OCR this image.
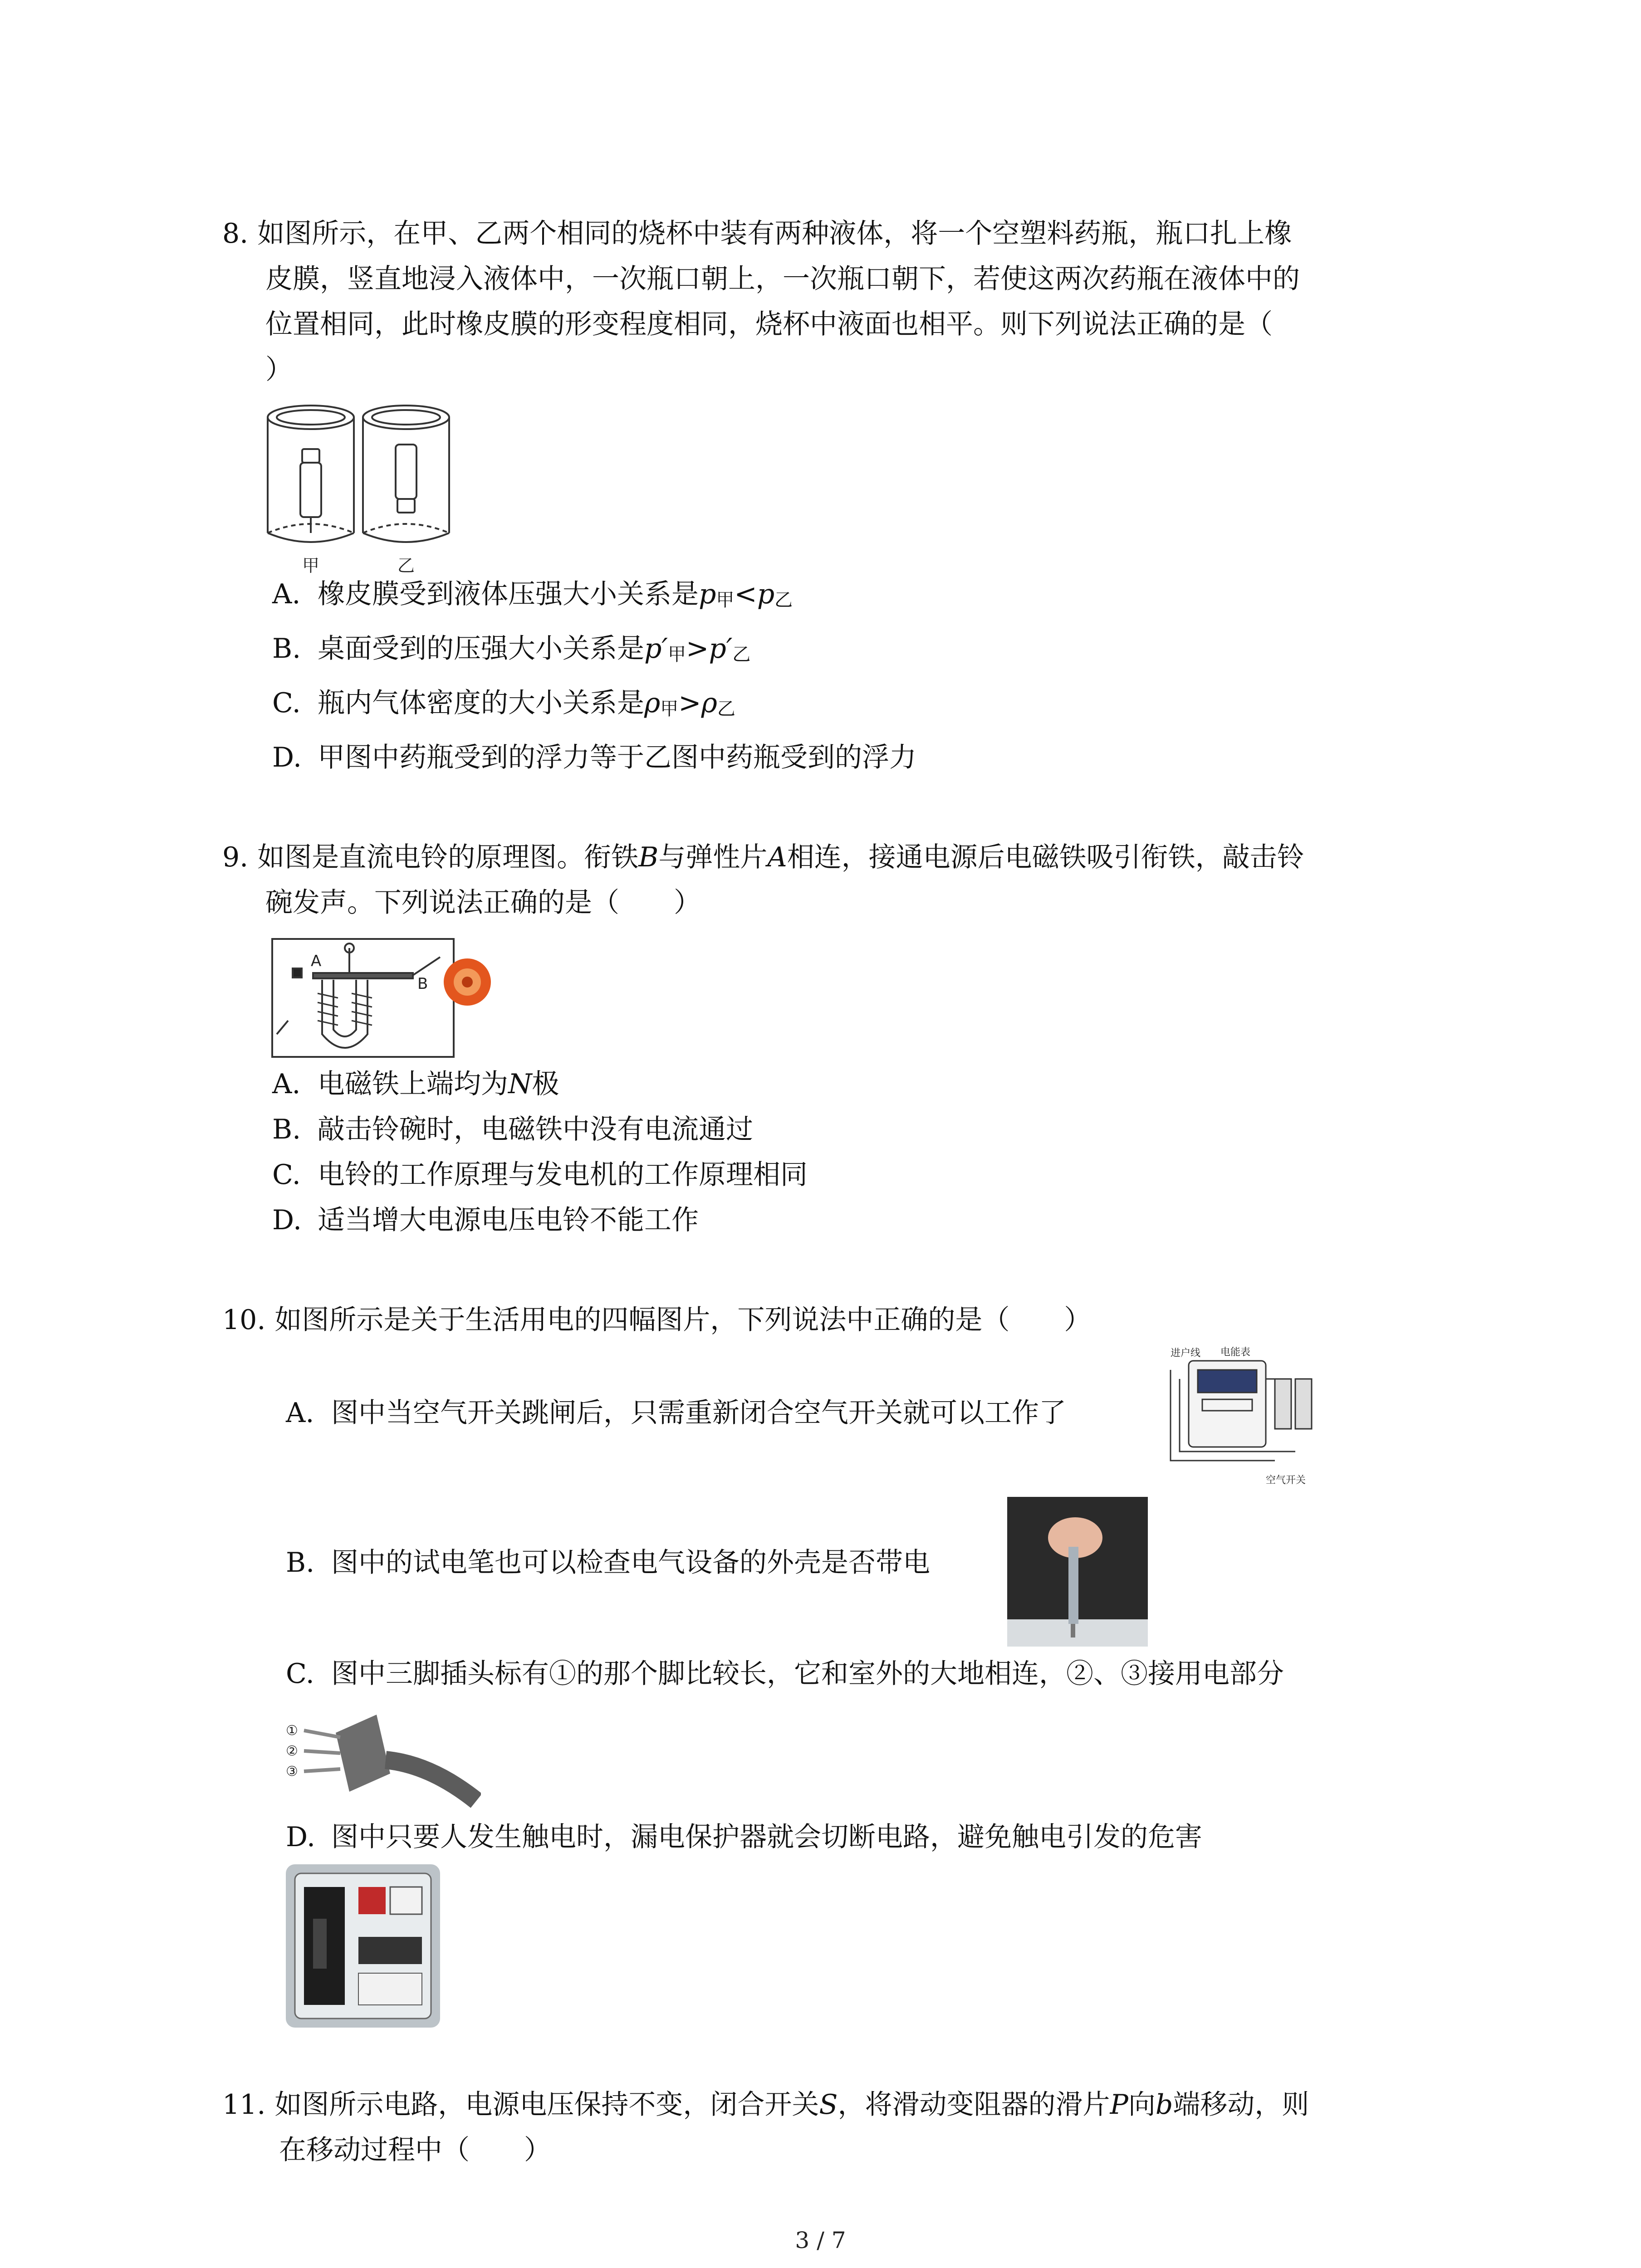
8. 如图所示，在甲、乙两个相同的烧杯中装有两种液体，将一个空塑料药瓶，瓶口扎上橡
皮膜，竖直地浸入液体中，一次瓶口朝上，一次瓶口朝下，若使这两次药瓶在液体中的
位置相同，此时橡皮膜的形变程度相同，烧杯中液面也相平。则下列说法正确的是（
）
甲	乙
A. 橡皮膜受到液体压强大小关系是$p_甲<p_乙$
B. 桌面受到的压强大小关系是$p'_甲>p'_乙$
C. 瓶内气体密度的大小关系是$\rho_甲>\rho_乙$
D. 甲图中药瓶受到的浮力等于乙图中药瓶受到的浮力
9. 如图是直流电铃的原理图。衔铁B与弹性片A相连，接通电源后电磁铁吸引衔铁，敲击铃
碗发声。下列说法正确的是（　　）
A
B
A. 电磁铁上端均为N极
B. 敲击铃碗时，电磁铁中没有电流通过
C. 电铃的工作原理与发电机的工作原理相同
D. 适当增大电源电压电铃不能工作
10. 如图所示是关于生活用电的四幅图片，下列说法中正确的是（　　）
A. 图中当空气开关跳闸后，只需重新闭合空气开关就可以工作了
进户线 电能表
空气开关
B. 图中的试电笔也可以检查电气设备的外壳是否带电
C. 图中三脚插头标有①的那个脚比较长，它和室外的大地相连，②、③接用电部分
①
②
③
D. 图中只要人发生触电时，漏电保护器就会切断电路，避免触电引发的危害
11. 如图所示电路，电源电压保持不变，闭合开关S，将滑动变阻器的滑片P向b端移动，则
在移动过程中（　　）
3 / 7
